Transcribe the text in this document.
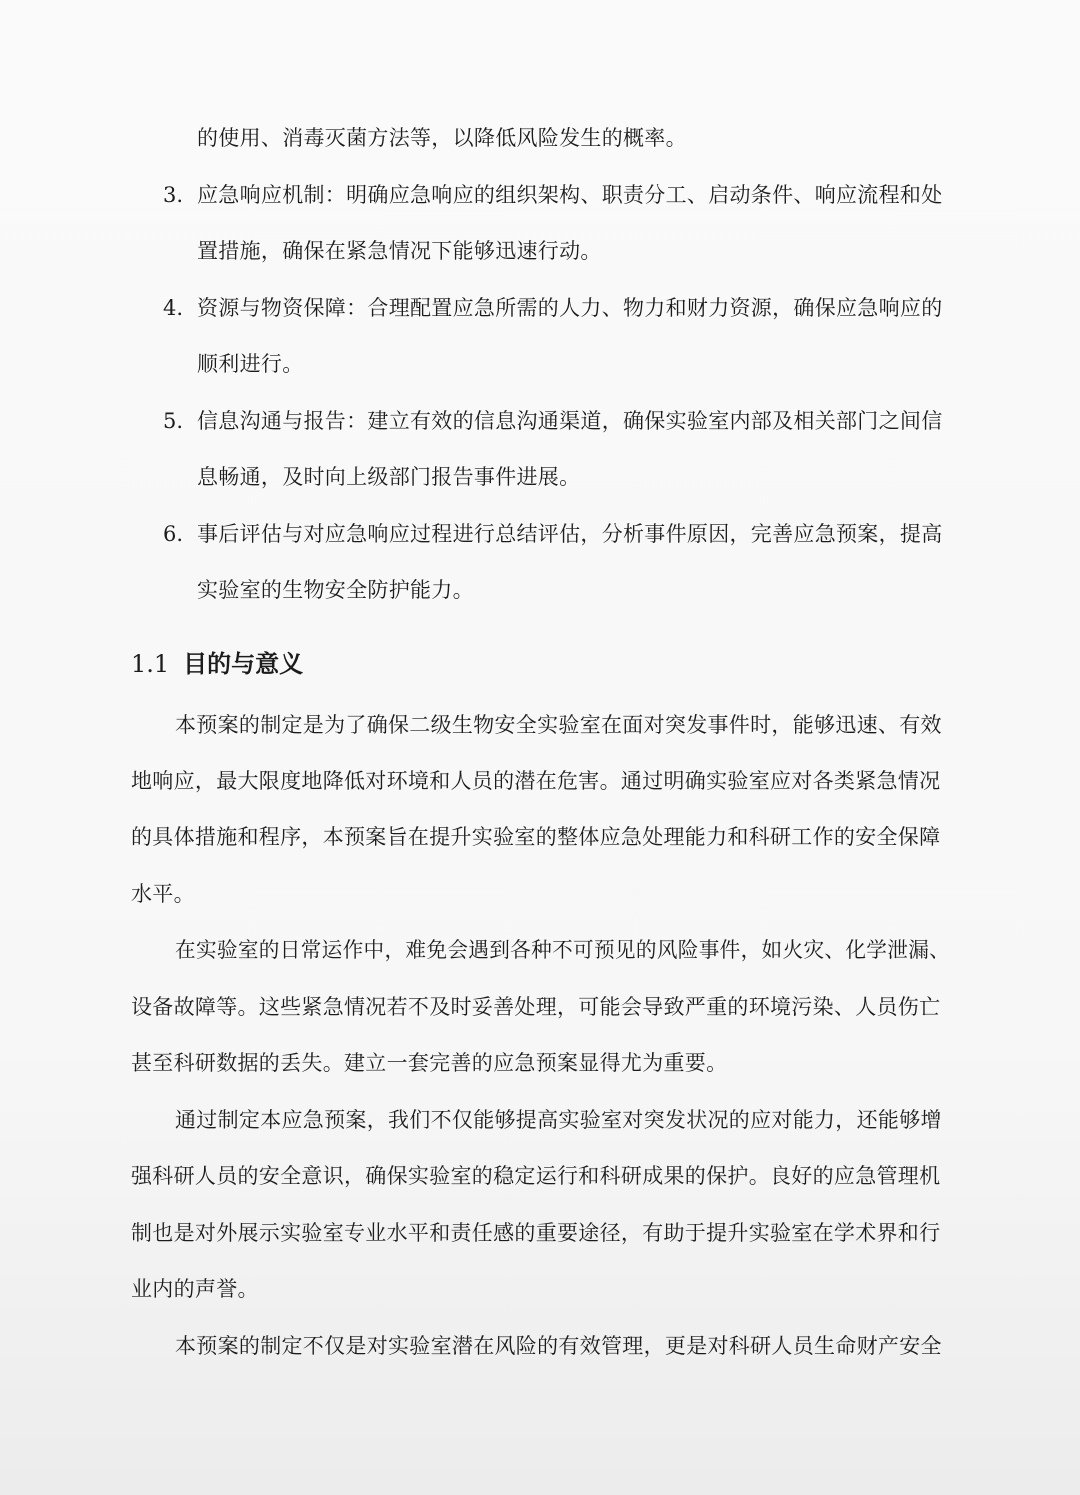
的使用、消毒灭菌方法等，以降低风险发生的概率。
3. 应急响应机制：明确应急响应的组织架构、职责分工、启动条件、响应流程和处
置措施，确保在紧急情况下能够迅速行动。
4. 资源与物资保障：合理配置应急所需的人力、物力和财力资源，确保应急响应的
顺利进行。
5. 信息沟通与报告：建立有效的信息沟通渠道，确保实验室内部及相关部门之间信
息畅通，及时向上级部门报告事件进展。
6. 事后评估与对应急响应过程进行总结评估，分析事件原因，完善应急预案，提高
实验室的生物安全防护能力。
1.1 目的与意义
本预案的制定是为了确保二级生物安全实验室在面对突发事件时，能够迅速、有效
地响应，最大限度地降低对环境和人员的潜在危害。通过明确实验室应对各类紧急情况
的具体措施和程序，本预案旨在提升实验室的整体应急处理能力和科研工作的安全保障
水平。
在实验室的日常运作中，难免会遇到各种不可预见的风险事件，如火灾、化学泄漏、
设备故障等。这些紧急情况若不及时妥善处理，可能会导致严重的环境污染、人员伤亡
甚至科研数据的丢失。建立一套完善的应急预案显得尤为重要。
通过制定本应急预案，我们不仅能够提高实验室对突发状况的应对能力，还能够增
强科研人员的安全意识，确保实验室的稳定运行和科研成果的保护。良好的应急管理机
制也是对外展示实验室专业水平和责任感的重要途径，有助于提升实验室在学术界和行
业内的声誉。
本预案的制定不仅是对实验室潜在风险的有效管理，更是对科研人员生命财产安全
